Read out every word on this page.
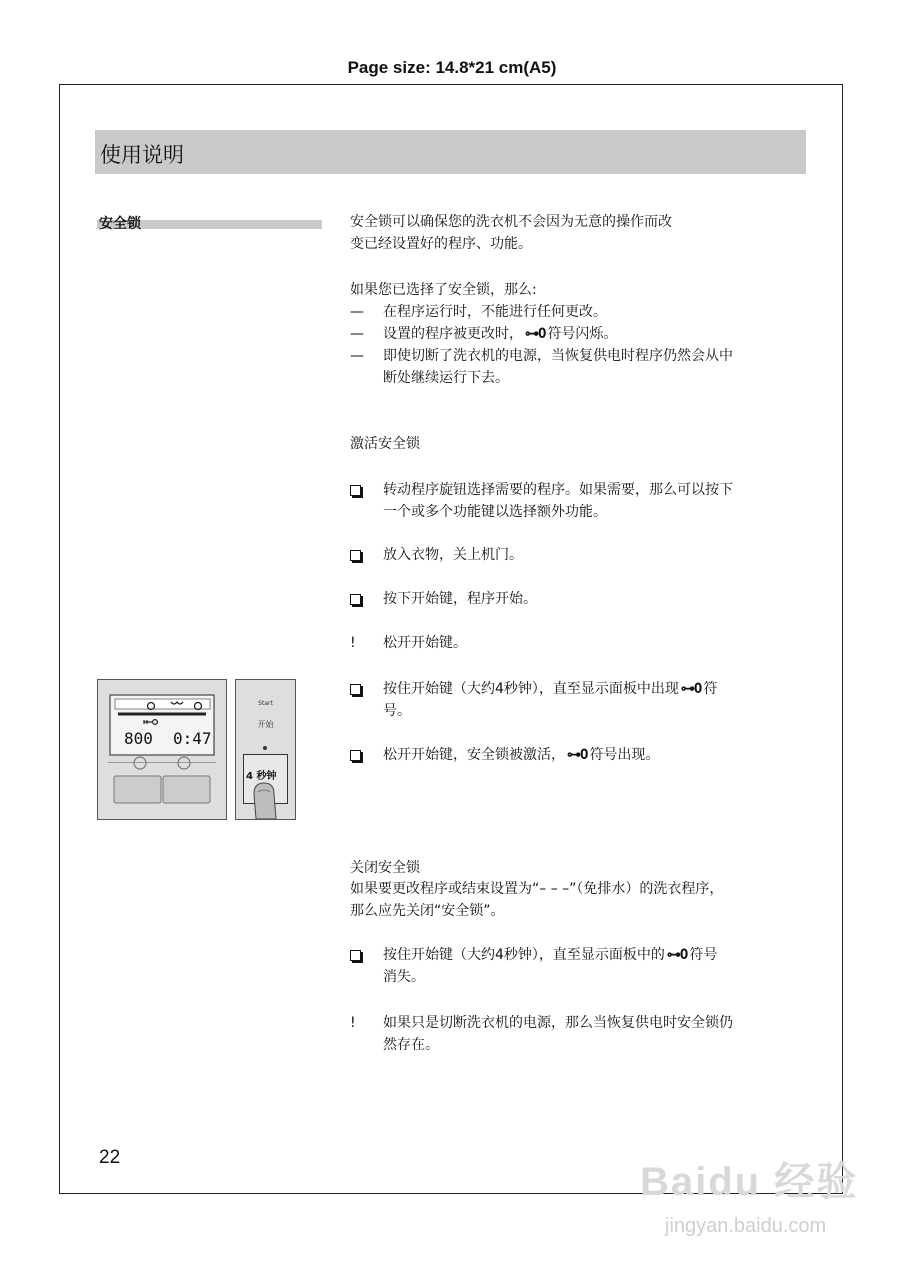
Page size: 14.8*21 cm(A5)
使用说明
安全锁	安全锁可以确保您的洗衣机不会因为无意的操作而改
变已经设置好的程序、功能。
如果您已选择了安全锁，那么:
— 在程序运行时，不能进行任何更改。
— 设置的程序被更改时， ⊶O 符号闪烁。
— 即使切断了洗衣机的电源，当恢复供电时程序仍然会从中
断处继续运行下去。
激活安全锁
转动程序旋钮选择需要的程序。如果需要，那么可以按下
一个或多个功能键以选择额外功能。
放入衣物，关上机门。
按下开始键，程序开始。
! 松开开始键。
按住开始键（大约4秒钟），直至显示面板中出现 ⊶O 符
号。
松开开始键，安全锁被激活， ⊶O 符号出现。
关闭安全锁
如果要更改程序或结束设置为“– – –”（免排水）的洗衣程序，
那么应先关闭“安全锁”。
按住开始键（大约4秒钟），直至显示面板中的 ⊶O 符号
消失。
! 如果只是切断洗衣机的电源，那么当恢复供电时安全锁仍
然存在。
800 0:47
Start
开始
4 秒钟
22
Baidu 经验
jingyan.baidu.com
